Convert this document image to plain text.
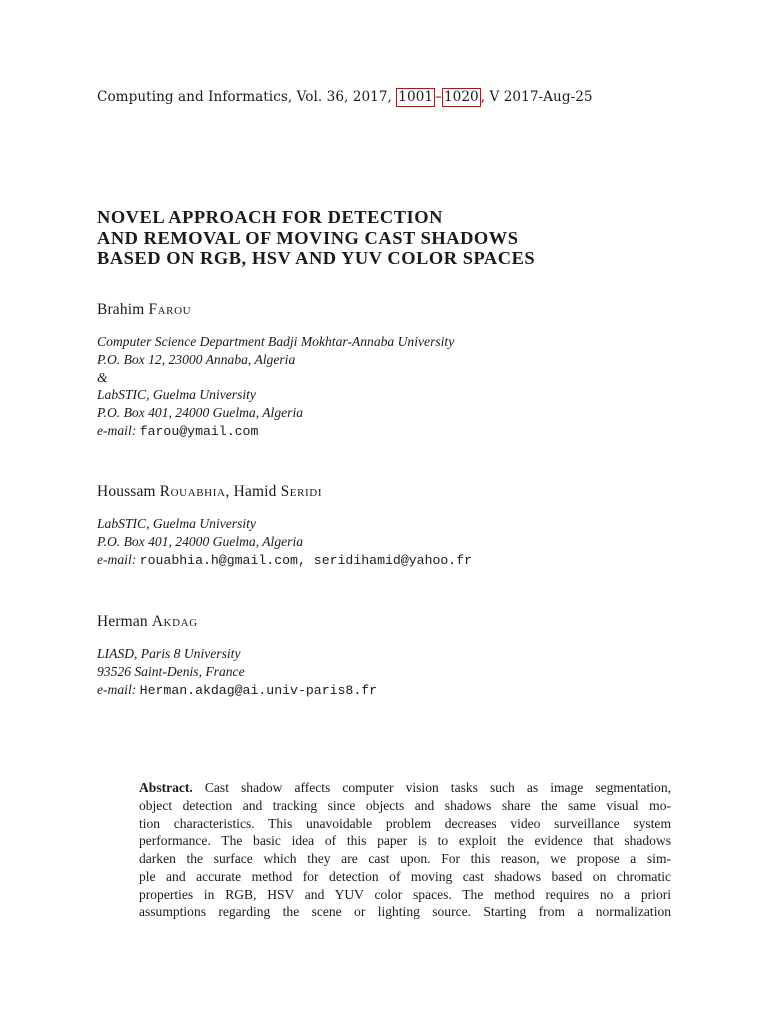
Computing and Informatics, Vol. 36, 2017, 1001 – 1020 , V 2017-Aug-25
NOVEL APPROACH FOR DETECTION
AND REMOVAL OF MOVING CAST SHADOWS
BASED ON RGB, HSV AND YUV COLOR SPACES
Brahim Farou
Computer Science Department Badji Mokhtar-Annaba University
P.O. Box 12, 23000 Annaba, Algeria
&
LabSTIC, Guelma University
P.O. Box 401, 24000 Guelma, Algeria
e-mail: farou@ymail.com
Houssam Rouabhia, Hamid Seridi
LabSTIC, Guelma University
P.O. Box 401, 24000 Guelma, Algeria
e-mail: rouabhia.h@gmail.com, seridihamid@yahoo.fr
Herman Akdag
LIASD, Paris 8 University
93526 Saint-Denis, France
e-mail: Herman.akdag@ai.univ-paris8.fr
Abstract. Cast shadow affects computer vision tasks such as image segmentation,
object detection and tracking since objects and shadows share the same visual mo-
tion characteristics. This unavoidable problem decreases video surveillance system
performance. The basic idea of this paper is to exploit the evidence that shadows
darken the surface which they are cast upon. For this reason, we propose a sim-
ple and accurate method for detection of moving cast shadows based on chromatic
properties in RGB, HSV and YUV color spaces. The method requires no a priori
assumptions regarding the scene or lighting source. Starting from a normalization
